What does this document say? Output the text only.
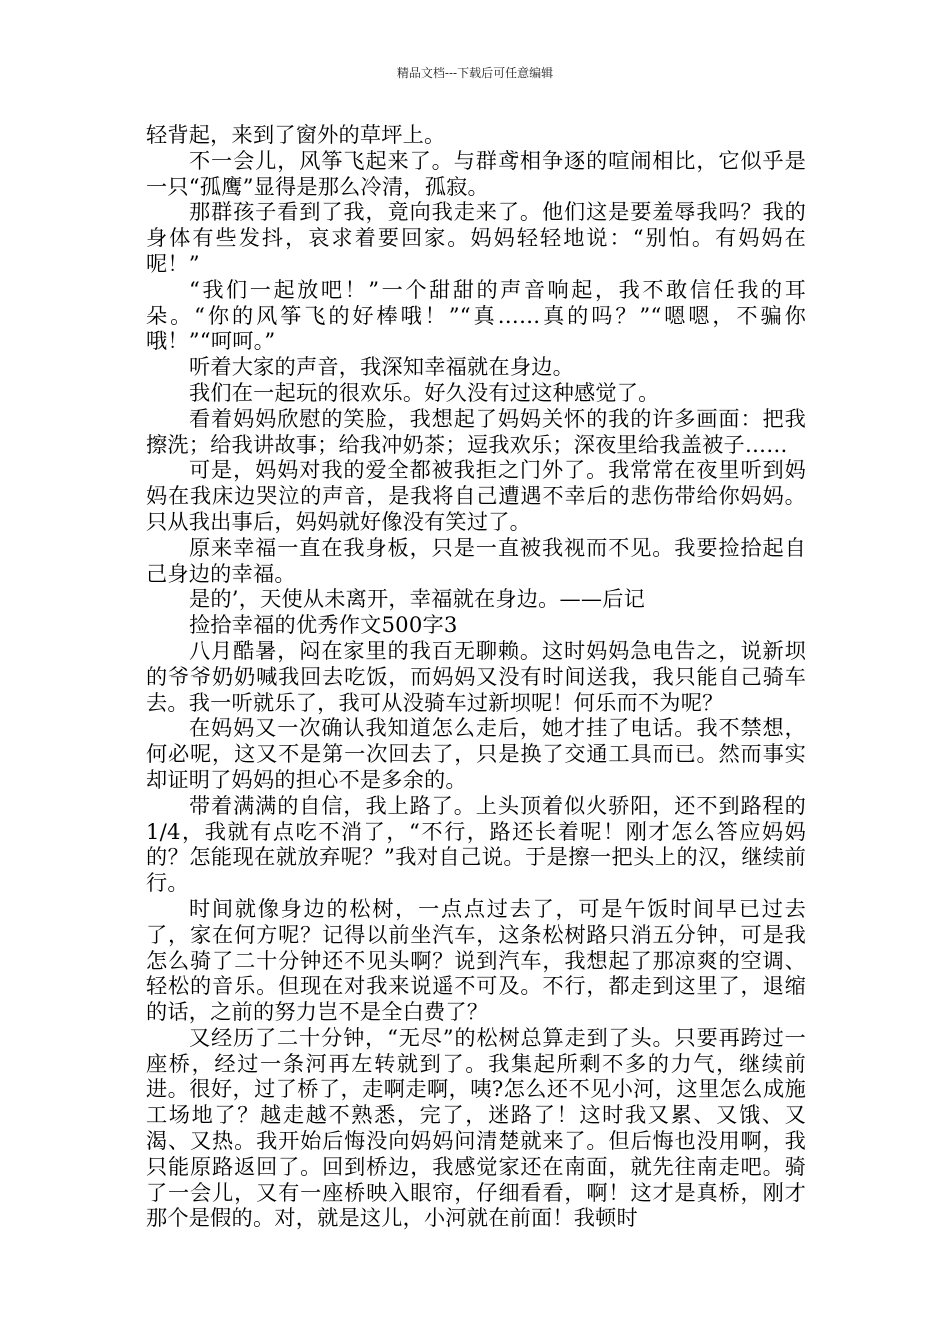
精品文档---下载后可任意编辑

轻背起，来到了窗外的草坪上。

不一会儿，风筝飞起来了。与群鸢相争逐的喧闹相比，它似乎是一只“孤鹰”显得是那么冷清，孤寂。

那群孩子看到了我，竟向我走来了。他们这是要羞辱我吗？我的身体有些发抖，哀求着要回家。妈妈轻轻地说：“别怕。有妈妈在呢！”

“我们一起放吧！”一个甜甜的声音响起，我不敢信任我的耳朵。“你的风筝飞的好棒哦！”“真……真的吗？”“嗯嗯，不骗你哦！”“呵呵。”

听着大家的声音，我深知幸福就在身边。

我们在一起玩的很欢乐。好久没有过这种感觉了。

看着妈妈欣慰的笑脸，我想起了妈妈关怀的我的许多画面：把我擦洗；给我讲故事；给我冲奶茶；逗我欢乐；深夜里给我盖被子……

可是，妈妈对我的爱全都被我拒之门外了。我常常在夜里听到妈妈在我床边哭泣的声音，是我将自己遭遇不幸后的悲伤带给你妈妈。只从我出事后，妈妈就好像没有笑过了。

原来幸福一直在我身板，只是一直被我视而不见。我要捡拾起自己身边的幸福。

是的’，天使从未离开，幸福就在身边。——后记

捡拾幸福的优秀作文500字3

八月酷暑，闷在家里的我百无聊赖。这时妈妈急电告之，说新坝的爷爷奶奶喊我回去吃饭，而妈妈又没有时间送我，我只能自己骑车去。我一听就乐了，我可从没骑车过新坝呢！何乐而不为呢？

在妈妈又一次确认我知道怎么走后，她才挂了电话。我不禁想，何必呢，这又不是第一次回去了，只是换了交通工具而已。然而事实却证明了妈妈的担心不是多余的。

带着满满的自信，我上路了。上头顶着似火骄阳，还不到路程的1/4，我就有点吃不消了，“不行，路还长着呢！刚才怎么答应妈妈的？怎能现在就放弃呢？”我对自己说。于是擦一把头上的汉，继续前行。

时间就像身边的松树，一点点过去了，可是午饭时间早已过去了，家在何方呢？记得以前坐汽车，这条松树路只消五分钟，可是我怎么骑了二十分钟还不见头啊？说到汽车，我想起了那凉爽的空调、轻松的音乐。但现在对我来说遥不可及。不行，都走到这里了，退缩的话，之前的努力岂不是全白费了？

又经历了二十分钟，“无尽”的松树总算走到了头。只要再跨过一座桥，经过一条河再左转就到了。我集起所剩不多的力气，继续前进。很好，过了桥了，走啊走啊，咦?怎么还不见小河，这里怎么成施工场地了？越走越不熟悉，完了，迷路了！这时我又累、又饿、又渴、又热。我开始后悔没向妈妈问清楚就来了。但后悔也没用啊，我只能原路返回了。回到桥边，我感觉家还在南面，就先往南走吧。骑了一会儿，又有一座桥映入眼帘，仔细看看，啊！这才是真桥，刚才那个是假的。对，就是这儿，小河就在前面！我顿时
